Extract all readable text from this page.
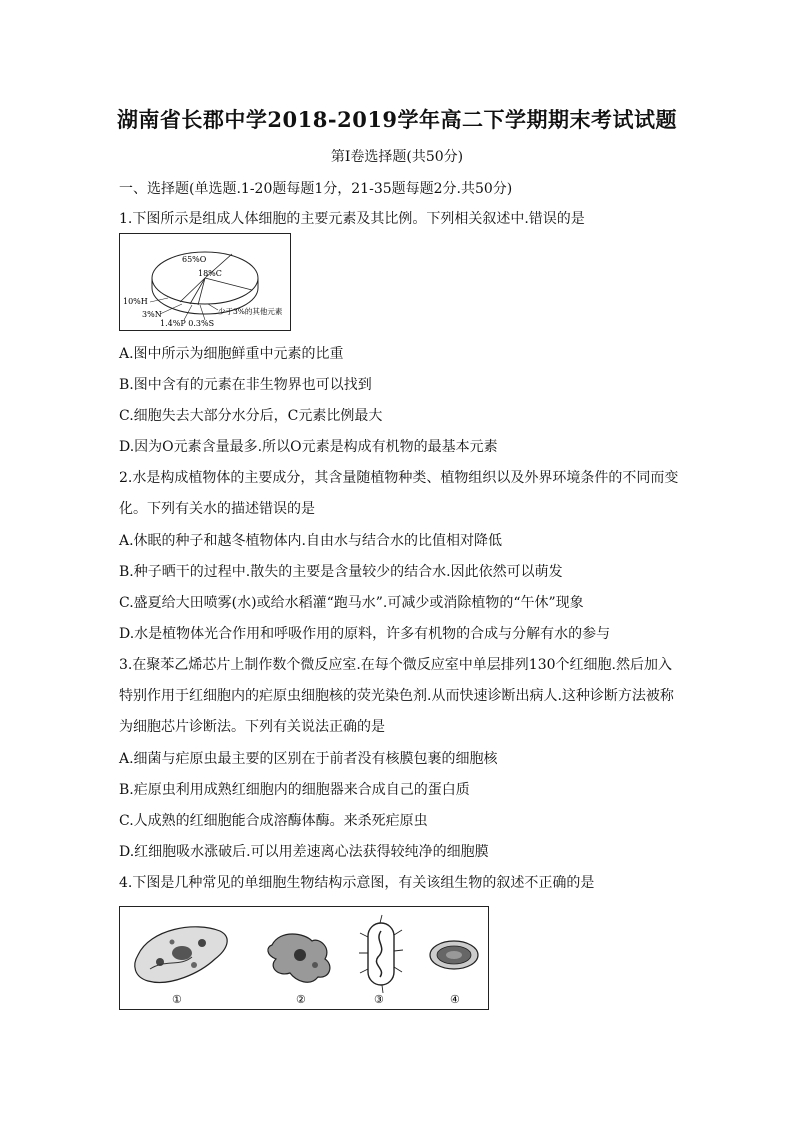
湖南省长郡中学2018-2019学年高二下学期期末考试试题
第I卷选择题(共50分)
一、选择题(单选题.1-20题每题1分，21-35题每题2分.共50分)
1.下图所示是组成人体细胞的主要元素及其比例。下列相关叙述中.错误的是
65%O
18%C
10%H
3%N
1.4%P 0.3%S
少于3%的其他元素
A.图中所示为细胞鲜重中元素的比重
B.图中含有的元素在非生物界也可以找到
C.细胞失去大部分水分后，C元素比例最大
D.因为O元素含量最多.所以O元素是构成有机物的最基本元素
2.水是构成植物体的主要成分，其含量随植物种类、植物组织以及外界环境条件的不同而变
化。下列有关水的描述错误的是
A.休眠的种子和越冬植物体内.自由水与结合水的比值相对降低
B.种子晒干的过程中.散失的主要是含量较少的结合水.因此依然可以萌发
C.盛夏给大田喷雾(水)或给水稻灌“跑马水”.可减少或消除植物的“午休”现象
D.水是植物体光合作用和呼吸作用的原料，许多有机物的合成与分解有水的参与
3.在聚苯乙烯芯片上制作数个微反应室.在每个微反应室中单层排列130个红细胞.然后加入
特别作用于红细胞内的疟原虫细胞核的荧光染色剂.从而快速诊断出病人.这种诊断方法被称
为细胞芯片诊断法。下列有关说法正确的是
A.细菌与疟原虫最主要的区别在于前者没有核膜包裹的细胞核
B.疟原虫利用成熟红细胞内的细胞器来合成自己的蛋白质
C.人成熟的红细胞能合成溶酶体酶。来杀死疟原虫
D.红细胞吸水涨破后.可以用差速离心法获得较纯净的细胞膜
4.下图是几种常见的单细胞生物结构示意图，有关该组生物的叙述不正确的是
①	②	③	④
